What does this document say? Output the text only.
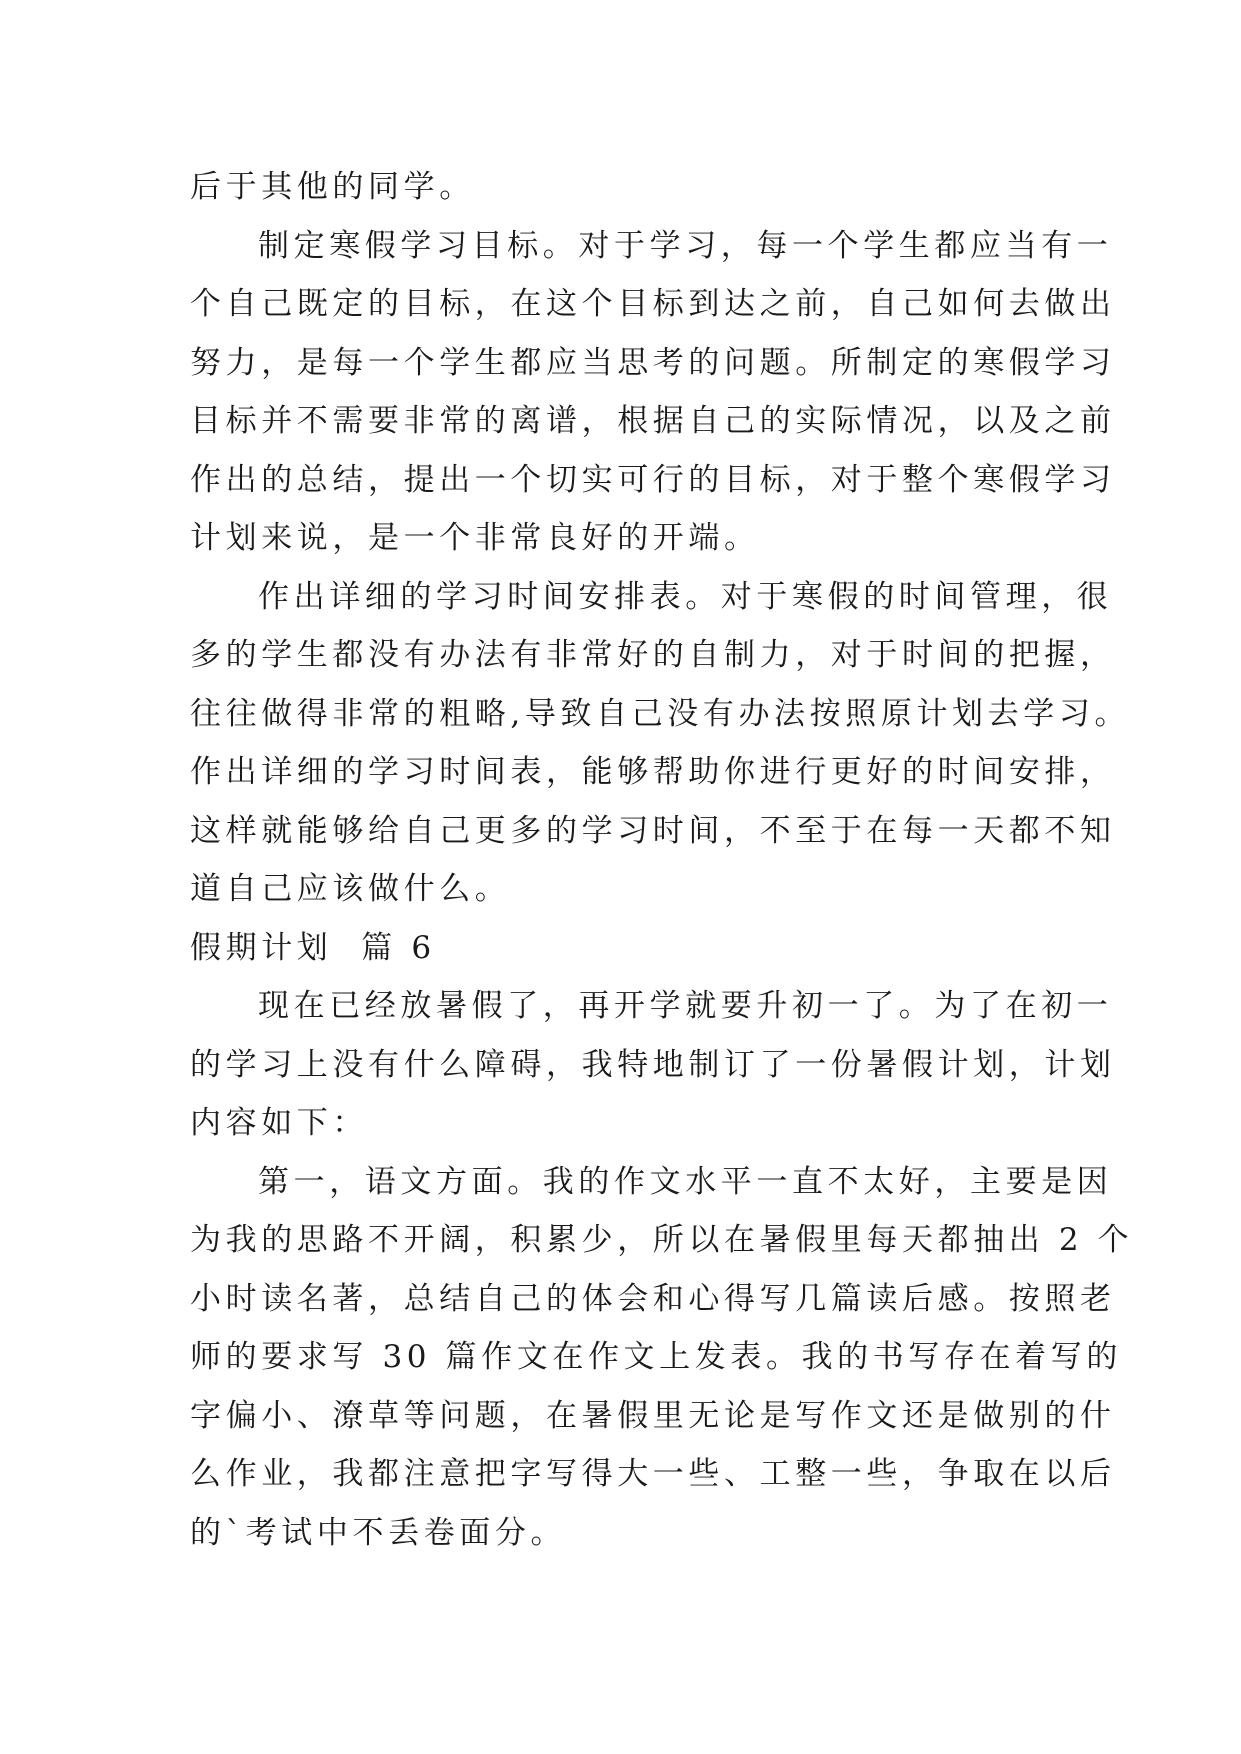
后于其他的同学。

制定寒假学习目标。对于学习，每一个学生都应当有一
个自己既定的目标，在这个目标到达之前，自己如何去做出
努力，是每一个学生都应当思考的问题。所制定的寒假学习
目标并不需要非常的离谱，根据自己的实际情况，以及之前
作出的总结，提出一个切实可行的目标，对于整个寒假学习
计划来说，是一个非常良好的开端。

作出详细的学习时间安排表。对于寒假的时间管理，很
多的学生都没有办法有非常好的自制力，对于时间的把握，
往往做得非常的粗略,导致自己没有办法按照原计划去学习。
作出详细的学习时间表，能够帮助你进行更好的时间安排，
这样就能够给自己更多的学习时间，不至于在每一天都不知
道自己应该做什么。

假期计划  篇 6

现在已经放暑假了，再开学就要升初一了。为了在初一
的学习上没有什么障碍，我特地制订了一份暑假计划，计划
内容如下：

第一，语文方面。我的作文水平一直不太好，主要是因
为我的思路不开阔，积累少，所以在暑假里每天都抽出 2 个
小时读名著，总结自己的体会和心得写几篇读后感。按照老
师的要求写 30 篇作文在作文上发表。我的书写存在着写的
字偏小、潦草等问题，在暑假里无论是写作文还是做别的什
么作业，我都注意把字写得大一些、工整一些，争取在以后
的`考试中不丢卷面分。
